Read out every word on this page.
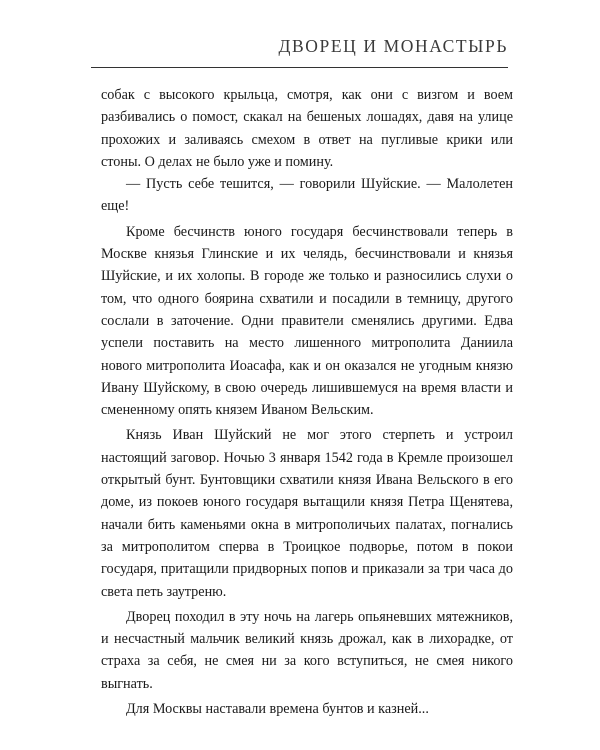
ДВОРЕЦ И МОНАСТЫРЬ

собак с высокого крыльца, смотря, как они с визгом и воем разбивались о помост, скакал на бешеных лошадях, давя на улице прохожих и заливаясь смехом в ответ на пугливые крики или стоны. О делах не было уже и помину.

— Пусть себе тешится, — говорили Шуйские. — Малолетен еще!

Кроме бесчинств юного государя бесчинствовали теперь в Москве князья Глинские и их челядь, бесчинствовали и князья Шуйские, и их холопы. В городе же только и разносились слухи о том, что одного боярина схватили и посадили в темницу, другого сослали в заточение. Одни правители сменялись другими. Едва успели поставить на место лишенного митрополита Даниила нового митрополита Иоасафа, как и он оказался не угодным князю Ивану Шуйскому, в свою очередь лишившемуся на время власти и смененному опять князем Иваном Вельским.

Князь Иван Шуйский не мог этого стерпеть и устроил настоящий заговор. Ночью 3 января 1542 года в Кремле произошел открытый бунт. Бунтовщики схватили князя Ивана Вельского в его доме, из покоев юного государя вытащили князя Петра Щенятева, начали бить каменьями окна в митрополичьих палатах, погнались за митрополитом сперва в Троицкое подворье, потом в покои государя, притащили придворных попов и приказали за три часа до света петь заутреню.

Дворец походил в эту ночь на лагерь опьяневших мятежников, и несчастный мальчик великий князь дрожал, как в лихорадке, от страха за себя, не смея ни за кого вступиться, не смея никого выгнать.

Для Москвы наставали времена бунтов и казней...
